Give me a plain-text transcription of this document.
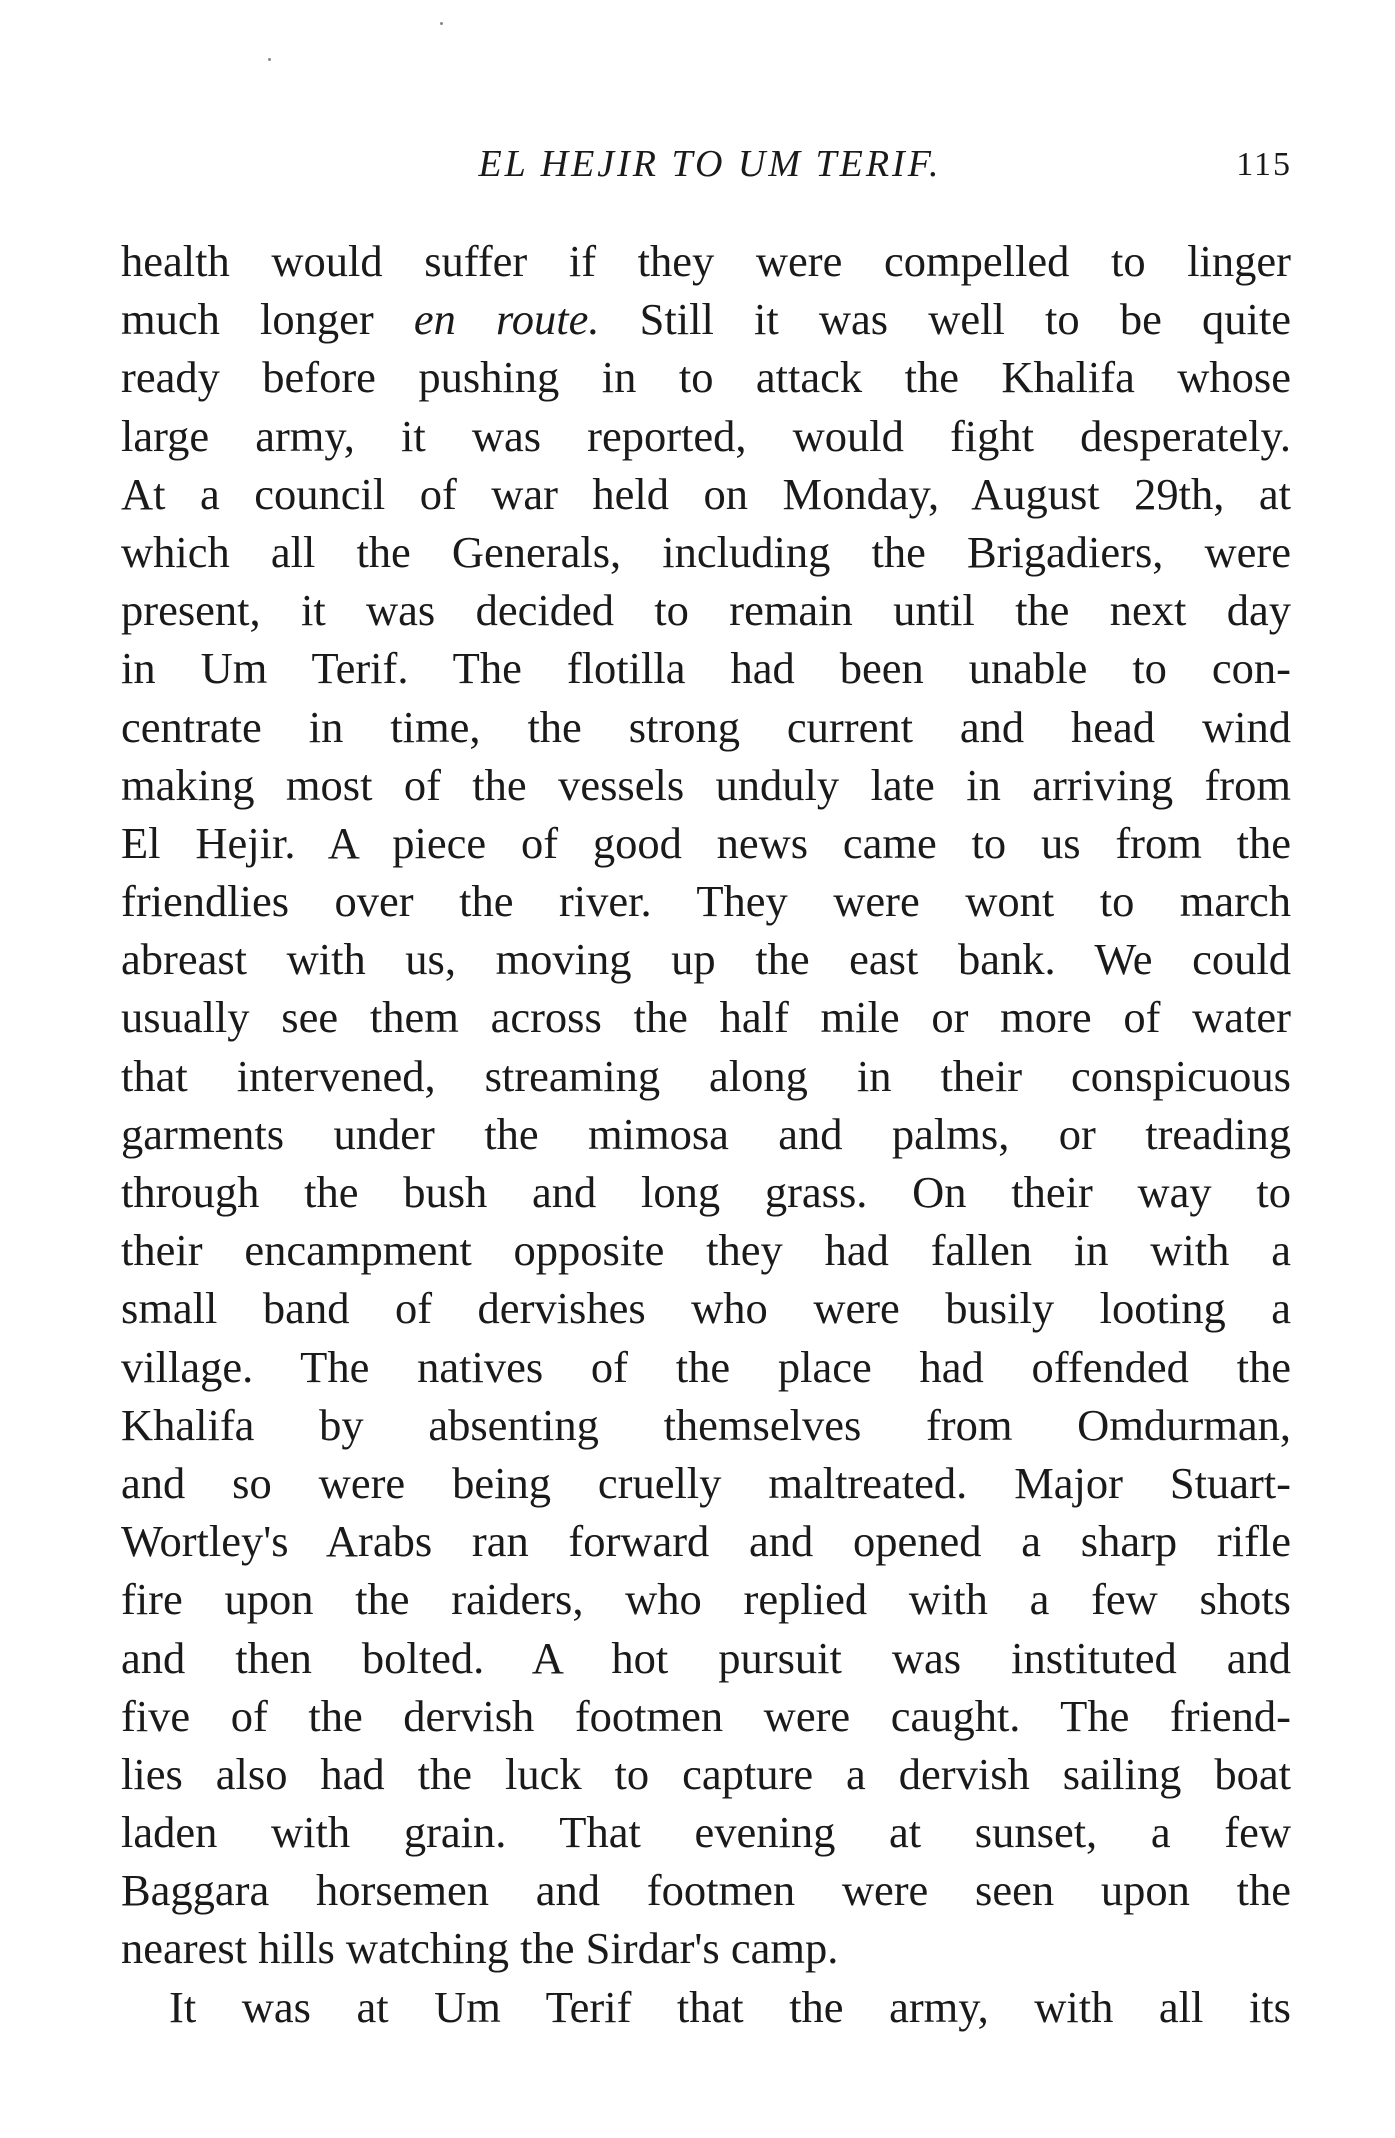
EL HEJIR TO UM TERIF.	115
health would suffer if they were compelled to linger
much longer en route. Still it was well to be quite
ready before pushing in to attack the Khalifa whose
large army, it was reported, would fight desperately.
At a council of war held on Monday, August 29th, at
which all the Generals, including the Brigadiers, were
present, it was decided to remain until the next day
in Um Terif. The flotilla had been unable to con-
centrate in time, the strong current and head wind
making most of the vessels unduly late in arriving from
El Hejir. A piece of good news came to us from the
friendlies over the river. They were wont to march
abreast with us, moving up the east bank. We could
usually see them across the half mile or more of water
that intervened, streaming along in their conspicuous
garments under the mimosa and palms, or treading
through the bush and long grass. On their way to
their encampment opposite they had fallen in with a
small band of dervishes who were busily looting a
village. The natives of the place had offended the
Khalifa by absenting themselves from Omdurman,
and so were being cruelly maltreated. Major Stuart-
Wortley's Arabs ran forward and opened a sharp rifle
fire upon the raiders, who replied with a few shots
and then bolted. A hot pursuit was instituted and
five of the dervish footmen were caught. The friend-
lies also had the luck to capture a dervish sailing boat
laden with grain. That evening at sunset, a few
Baggara horsemen and footmen were seen upon the
nearest hills watching the Sirdar's camp.
It was at Um Terif that the army, with all its
